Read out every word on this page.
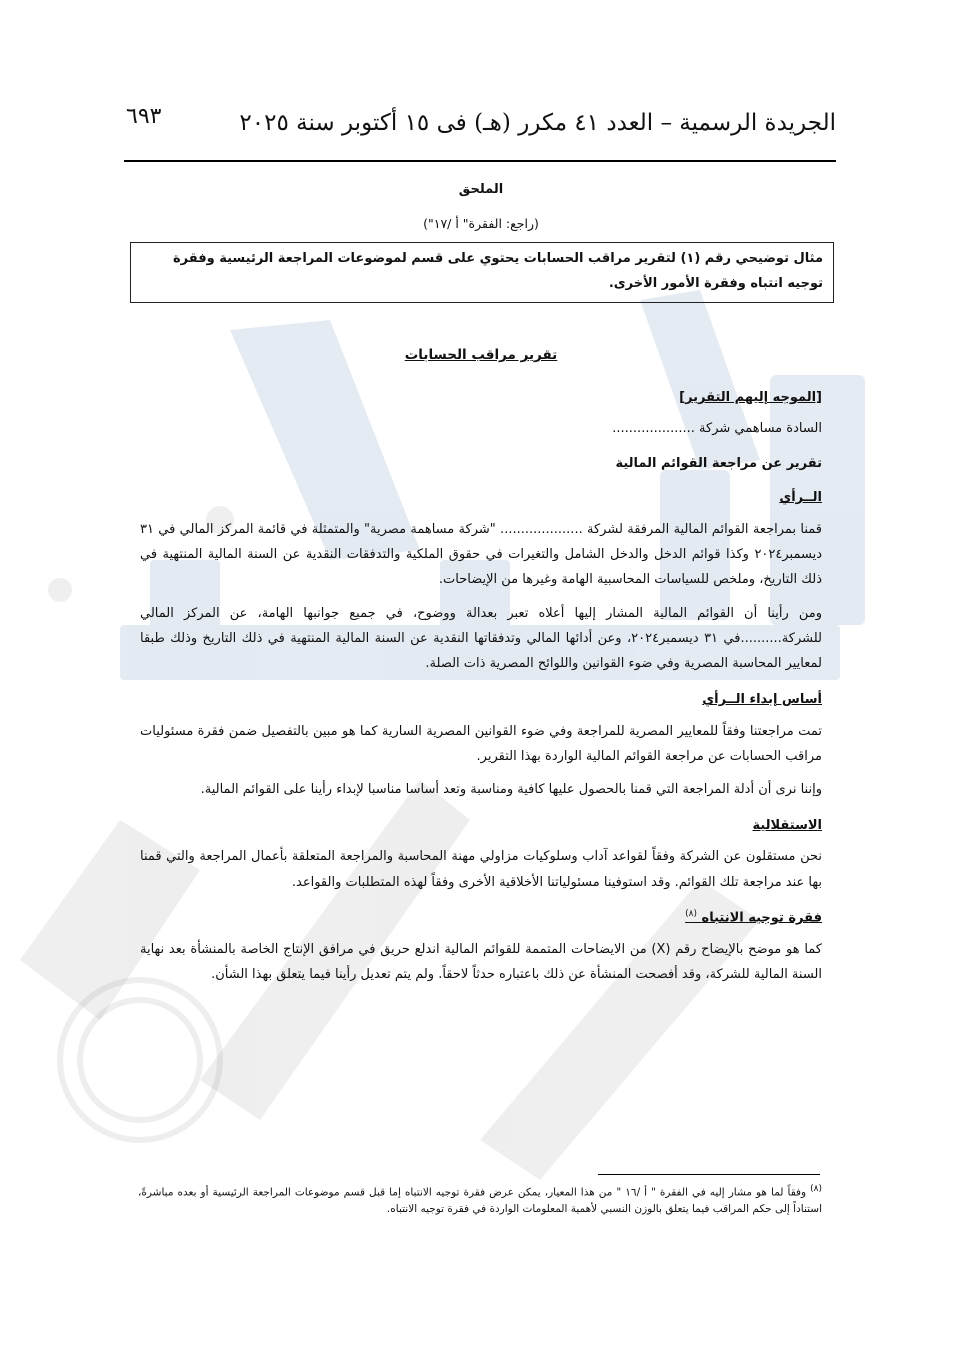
الجريدة الرسمية – العدد ٤١ مكرر (هـ) فى ١٥ أكتوبر سنة ٢٠٢٥
٦٩٣
الملحق
(راجع: الفقرة" أ /١٧")
مثال توضيحي رقم (١) لتقرير مراقب الحسابات يحتوي على قسم لموضوعات المراجعة الرئيسية وفقرة توجيه انتباه وفقرة الأمور الأخرى.
تقرير مراقب الحسابات
[الموجه إليهم التقرير]
السادة مساهمي شركة ....................
تقرير عن مراجعة القوائم المالية
الــرأي

قمنا بمراجعة القوائم المالية المرفقة لشركة .................... "شركة مساهمة مصرية" والمتمثلة في قائمة المركز المالي في ٣١ ديسمبر٢٠٢٤ وكذا قوائم الدخل والدخل الشامل والتغيرات في حقوق الملكية والتدفقات النقدية عن السنة المالية المنتهية في ذلك التاريخ، وملخص للسياسات المحاسبية الهامة وغيرها من الإيضاحات.

ومن رأينا أن القوائم المالية المشار إليها أعلاه تعبر بعدالة ووضوح، في جميع جوانبها الهامة، عن المركز المالي للشركة..........في ٣١ ديسمبر٢٠٢٤، وعن أدائها المالي وتدفقاتها النقدية عن السنة المالية المنتهية في ذلك التاريخ وذلك طبقا لمعايير المحاسبة المصرية وفي ضوء القوانين واللوائح المصرية ذات الصلة.

أساس إبداء الــرأي

تمت مراجعتنا وفقاً للمعايير المصرية للمراجعة وفي ضوء القوانين المصرية السارية كما هو مبين بالتفصيل ضمن فقرة مسئوليات مراقب الحسابات عن مراجعة القوائم المالية الواردة بهذا التقرير.

وإننا نرى أن أدلة المراجعة التي قمنا بالحصول عليها كافية ومناسبة وتعد أساسا مناسبا لإبداء رأينا على القوائم المالية.

الاستقلالية

نحن مستقلون عن الشركة وفقاً لقواعد آداب وسلوكيات مزاولي مهنة المحاسبة والمراجعة المتعلقة بأعمال المراجعة والتي قمنا بها عند مراجعة تلك القوائم. وقد استوفينا مسئولياتنا الأخلاقية الأخرى وفقاً لهذه المتطلبات والقواعد.

فقرة توجيه الانتباه $^{(٨)}$

كما هو موضح بالإيضاح رقم (X) من الايضاحات المتممة للقوائم المالية اندلع حريق في مرافق الإنتاج الخاصة بالمنشأة بعد نهاية السنة المالية للشركة، وقد أفصحت المنشأة عن ذلك باعتباره حدثاً لاحقاً. ولم يتم تعديل رأينا فيما يتعلق بهذا الشأن.

(٨) وفقاً لما هو مشار إليه في الفقرة " أ /١٦ " من هذا المعيار، يمكن عرض فقرة توجيه الانتباه إما قبل قسم موضوعات المراجعة الرئيسية أو بعده مباشرةً، استناداً إلى حكم المراقب فيما يتعلق بالوزن النسبي لأهمية المعلومات الواردة في فقرة توجيه الانتباه.
